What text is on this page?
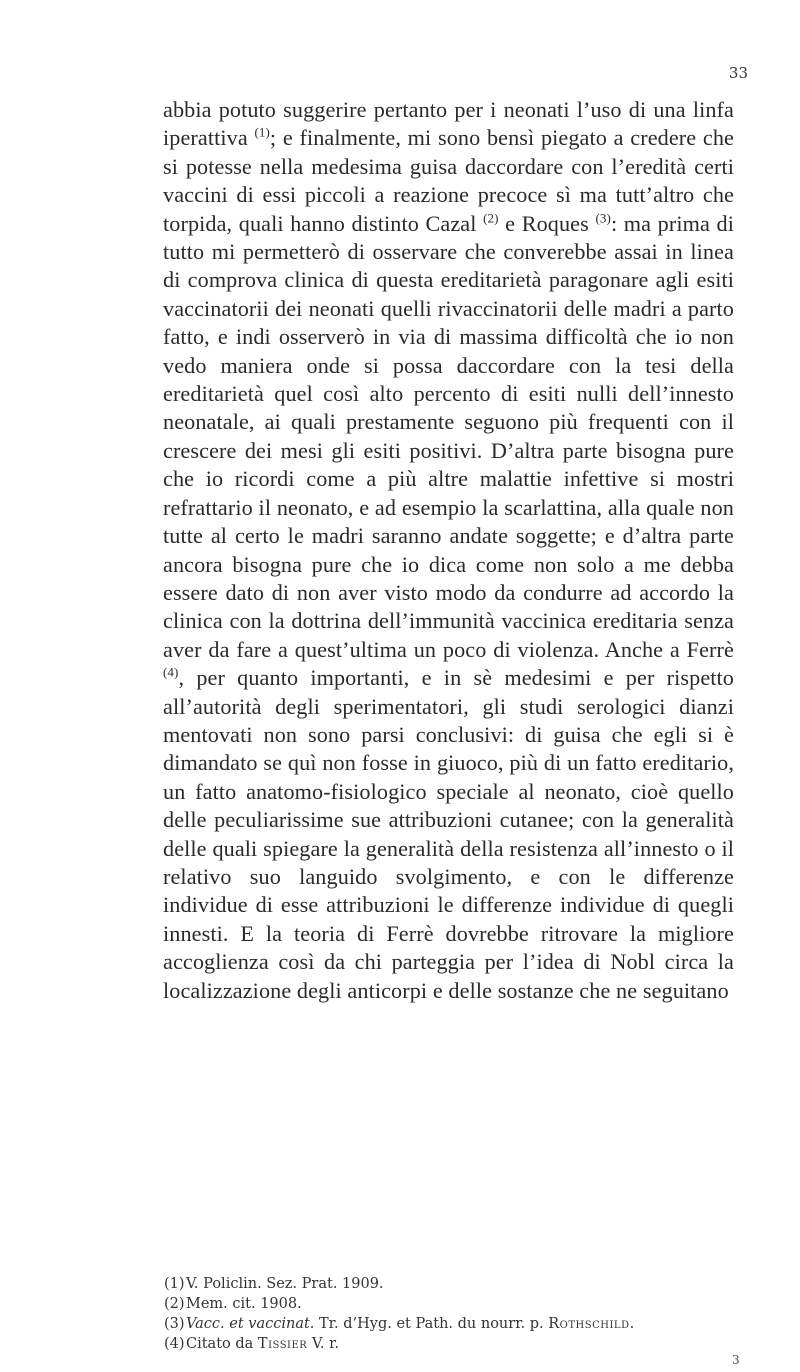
33

abbia potuto suggerire pertanto per i neonati l’uso di una linfa iperattiva $^{(1)}$; e finalmente, mi sono bensì piegato a credere che si potesse nella medesima guisa daccordare con l’eredità certi vaccini di essi piccoli a reazione precoce sì ma tutt’altro che torpida, quali hanno distinto Cazal $^{(2)}$ e Roques $^{(3)}$: ma prima di tutto mi permetterò di osservare che converebbe assai in linea di comprova clinica di questa ereditarietà paragonare agli esiti vaccinatorii dei neonati quelli rivaccinatorii delle madri a parto fatto, e indi osserverò in via di massima difficoltà che io non vedo maniera onde si possa daccordare con la tesi della ereditarietà quel così alto percento di esiti nulli dell’innesto neonatale, ai quali prestamente seguono più frequenti con il crescere dei mesi gli esiti positivi. D’altra parte bisogna pure che io ricordi come a più altre malattie infettive si mostri refrattario il neonato, e ad esempio la scarlattina, alla quale non tutte al certo le madri saranno andate soggette; e d’altra parte ancora bisogna pure che io dica come non solo a me debba essere dato di non aver visto modo da condurre ad accordo la clinica con la dottrina dell’immunità vaccinica ereditaria senza aver da fare a quest’ultima un poco di violenza. Anche a Ferrè $^{(4)}$, per quanto importanti, e in sè medesimi e per rispetto all’autorità degli sperimentatori, gli studi serologici dianzi mentovati non sono parsi conclusivi: di guisa che egli si è dimandato se quì non fosse in giuoco, più di un fatto ereditario, un fatto anatomo-fisiologico speciale al neonato, cioè quello delle peculiarissime sue attribuzioni cutanee; con la generalità delle quali spiegare la generalità della resistenza all’innesto o il relativo suo languido svolgimento, e con le differenze individue di esse attribuzioni le differenze individue di quegli innesti. E la teoria di Ferrè dovrebbe ritrovare la migliore accoglienza così da chi parteggia per l’idea di Nobl circa la localizzazione degli anticorpi e delle sostanze che ne seguitano

(1)V. Policlin. Sez. Prat. 1909.
(2)Mem. cit. 1908.
(3)Vacc. et vaccinat. Tr. d’Hyg. et Path. du nourr. p. Rothschild.
(4)Citato da Tissier V. r.
3
